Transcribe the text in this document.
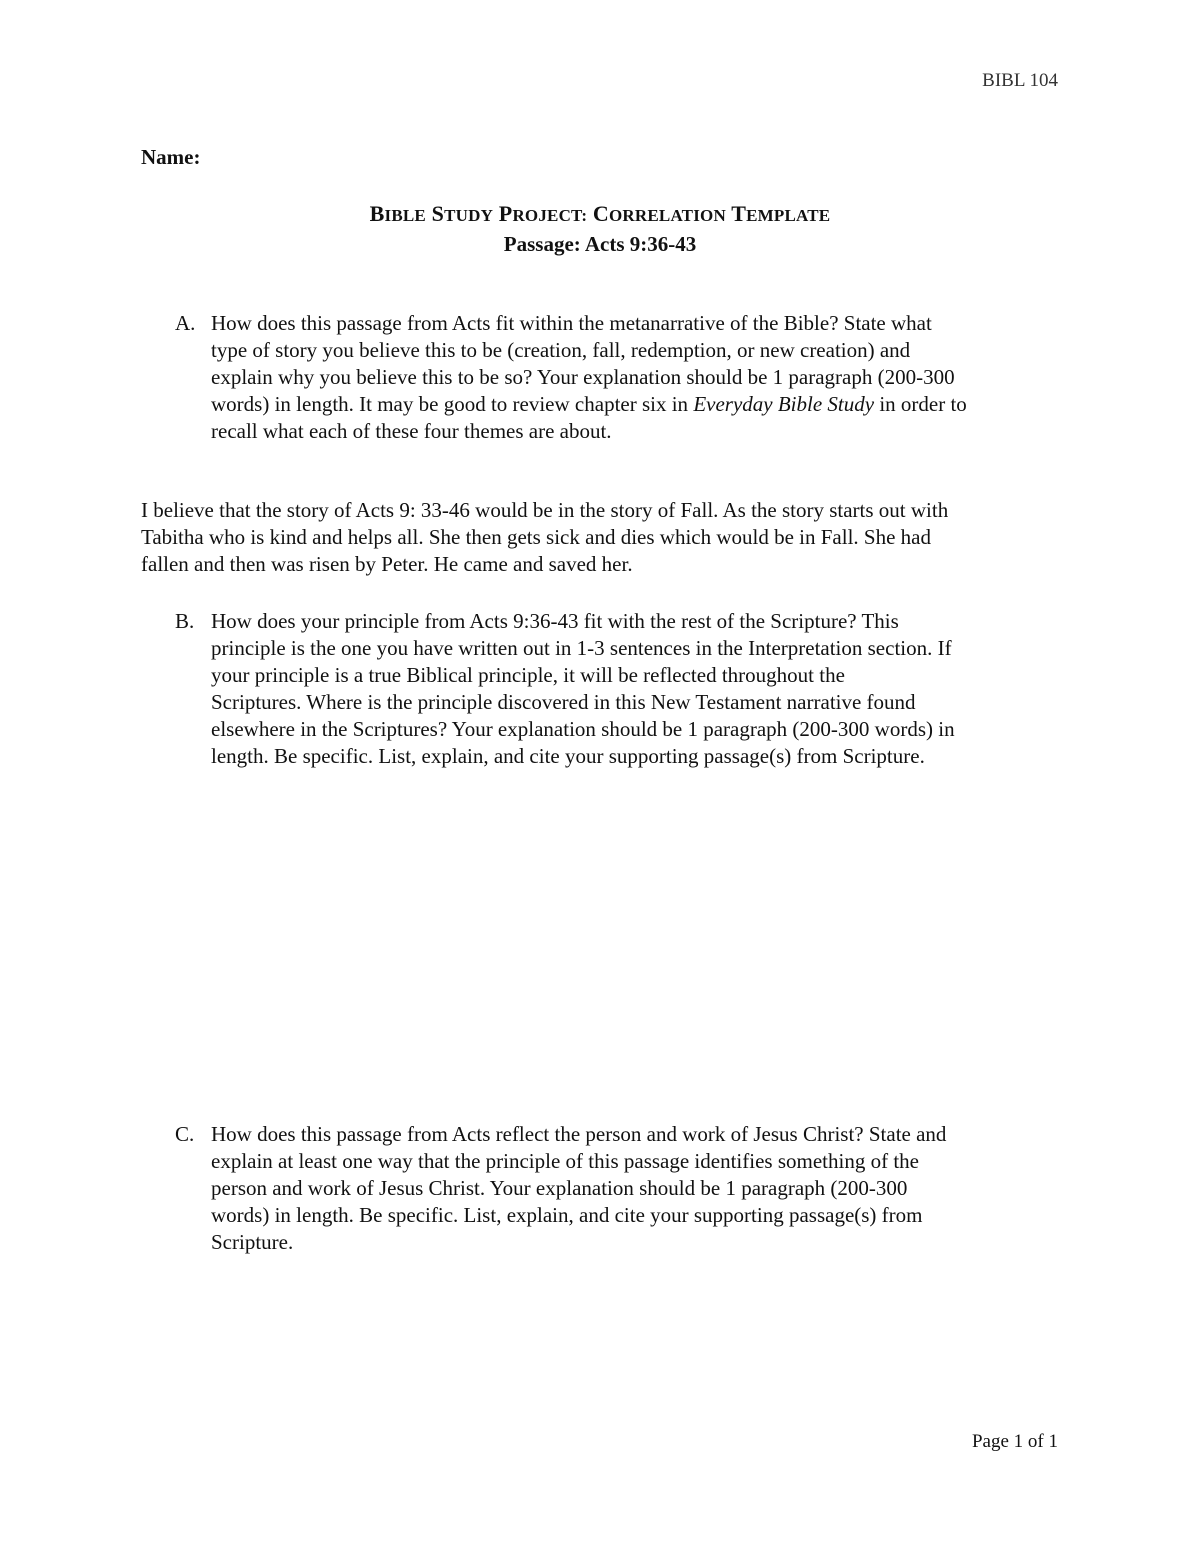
BIBL 104
Name:
BIBLE STUDY PROJECT: CORRELATION TEMPLATE
Passage: Acts 9:36-43
A. How does this passage from Acts fit within the metanarrative of the Bible? State what
type of story you believe this to be (creation, fall, redemption, or new creation) and
explain why you believe this to be so? Your explanation should be 1 paragraph (200-300
words) in length. It may be good to review chapter six in Everyday Bible Study in order to
recall what each of these four themes are about.
I believe that the story of Acts 9: 33-46 would be in the story of Fall. As the story starts out with
Tabitha who is kind and helps all. She then gets sick and dies which would be in Fall. She had
fallen and then was risen by Peter. He came and saved her.
B. How does your principle from Acts 9:36-43 fit with the rest of the Scripture? This
principle is the one you have written out in 1-3 sentences in the Interpretation section. If
your principle is a true Biblical principle, it will be reflected throughout the
Scriptures. Where is the principle discovered in this New Testament narrative found
elsewhere in the Scriptures? Your explanation should be 1 paragraph (200-300 words) in
length. Be specific. List, explain, and cite your supporting passage(s) from Scripture.
C. How does this passage from Acts reflect the person and work of Jesus Christ? State and
explain at least one way that the principle of this passage identifies something of the
person and work of Jesus Christ. Your explanation should be 1 paragraph (200-300
words) in length. Be specific. List, explain, and cite your supporting passage(s) from
Scripture.
Page 1 of 1
